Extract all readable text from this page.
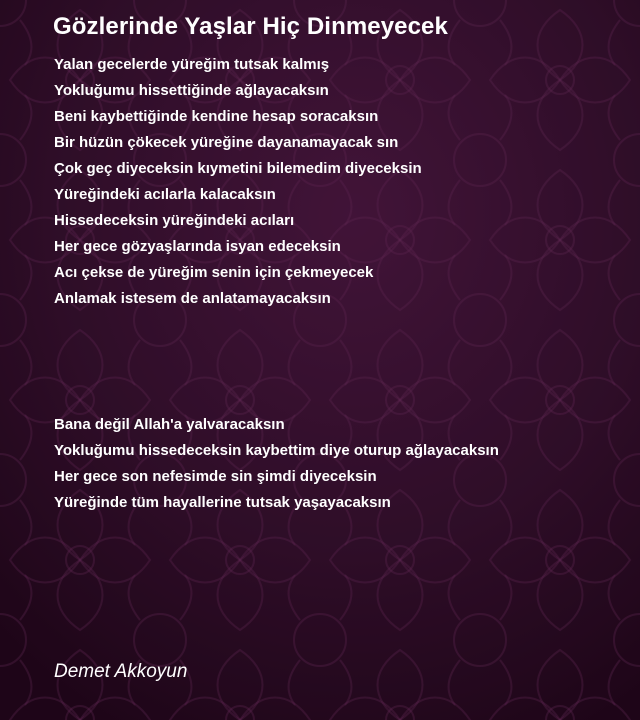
Gözlerinde Yaşlar Hiç Dinmeyecek
Yalan gecelerde yüreğim tutsak kalmış
Yokluğumu hissettiğinde ağlayacaksın
Beni kaybettiğinde kendine hesap soracaksın
Bir hüzün çökecek yüreğine dayanamayacak sın
Çok geç diyeceksin kıymetini bilemedim diyeceksin
Yüreğindeki acılarla kalacaksın
Hissedeceksin yüreğindeki acıları
Her gece gözyaşlarında isyan edeceksin
Acı çekse de yüreğim senin için çekmeyecek
Anlamak istesem de anlatamayacaksın
Bana değil Allah'a yalvaracaksın
Yokluğumu hissedeceksin kaybettim diye oturup ağlayacaksın
Her gece son nefesimde sin şimdi diyeceksin
Yüreğinde tüm hayallerine tutsak yaşayacaksın
Demet Akkoyun
